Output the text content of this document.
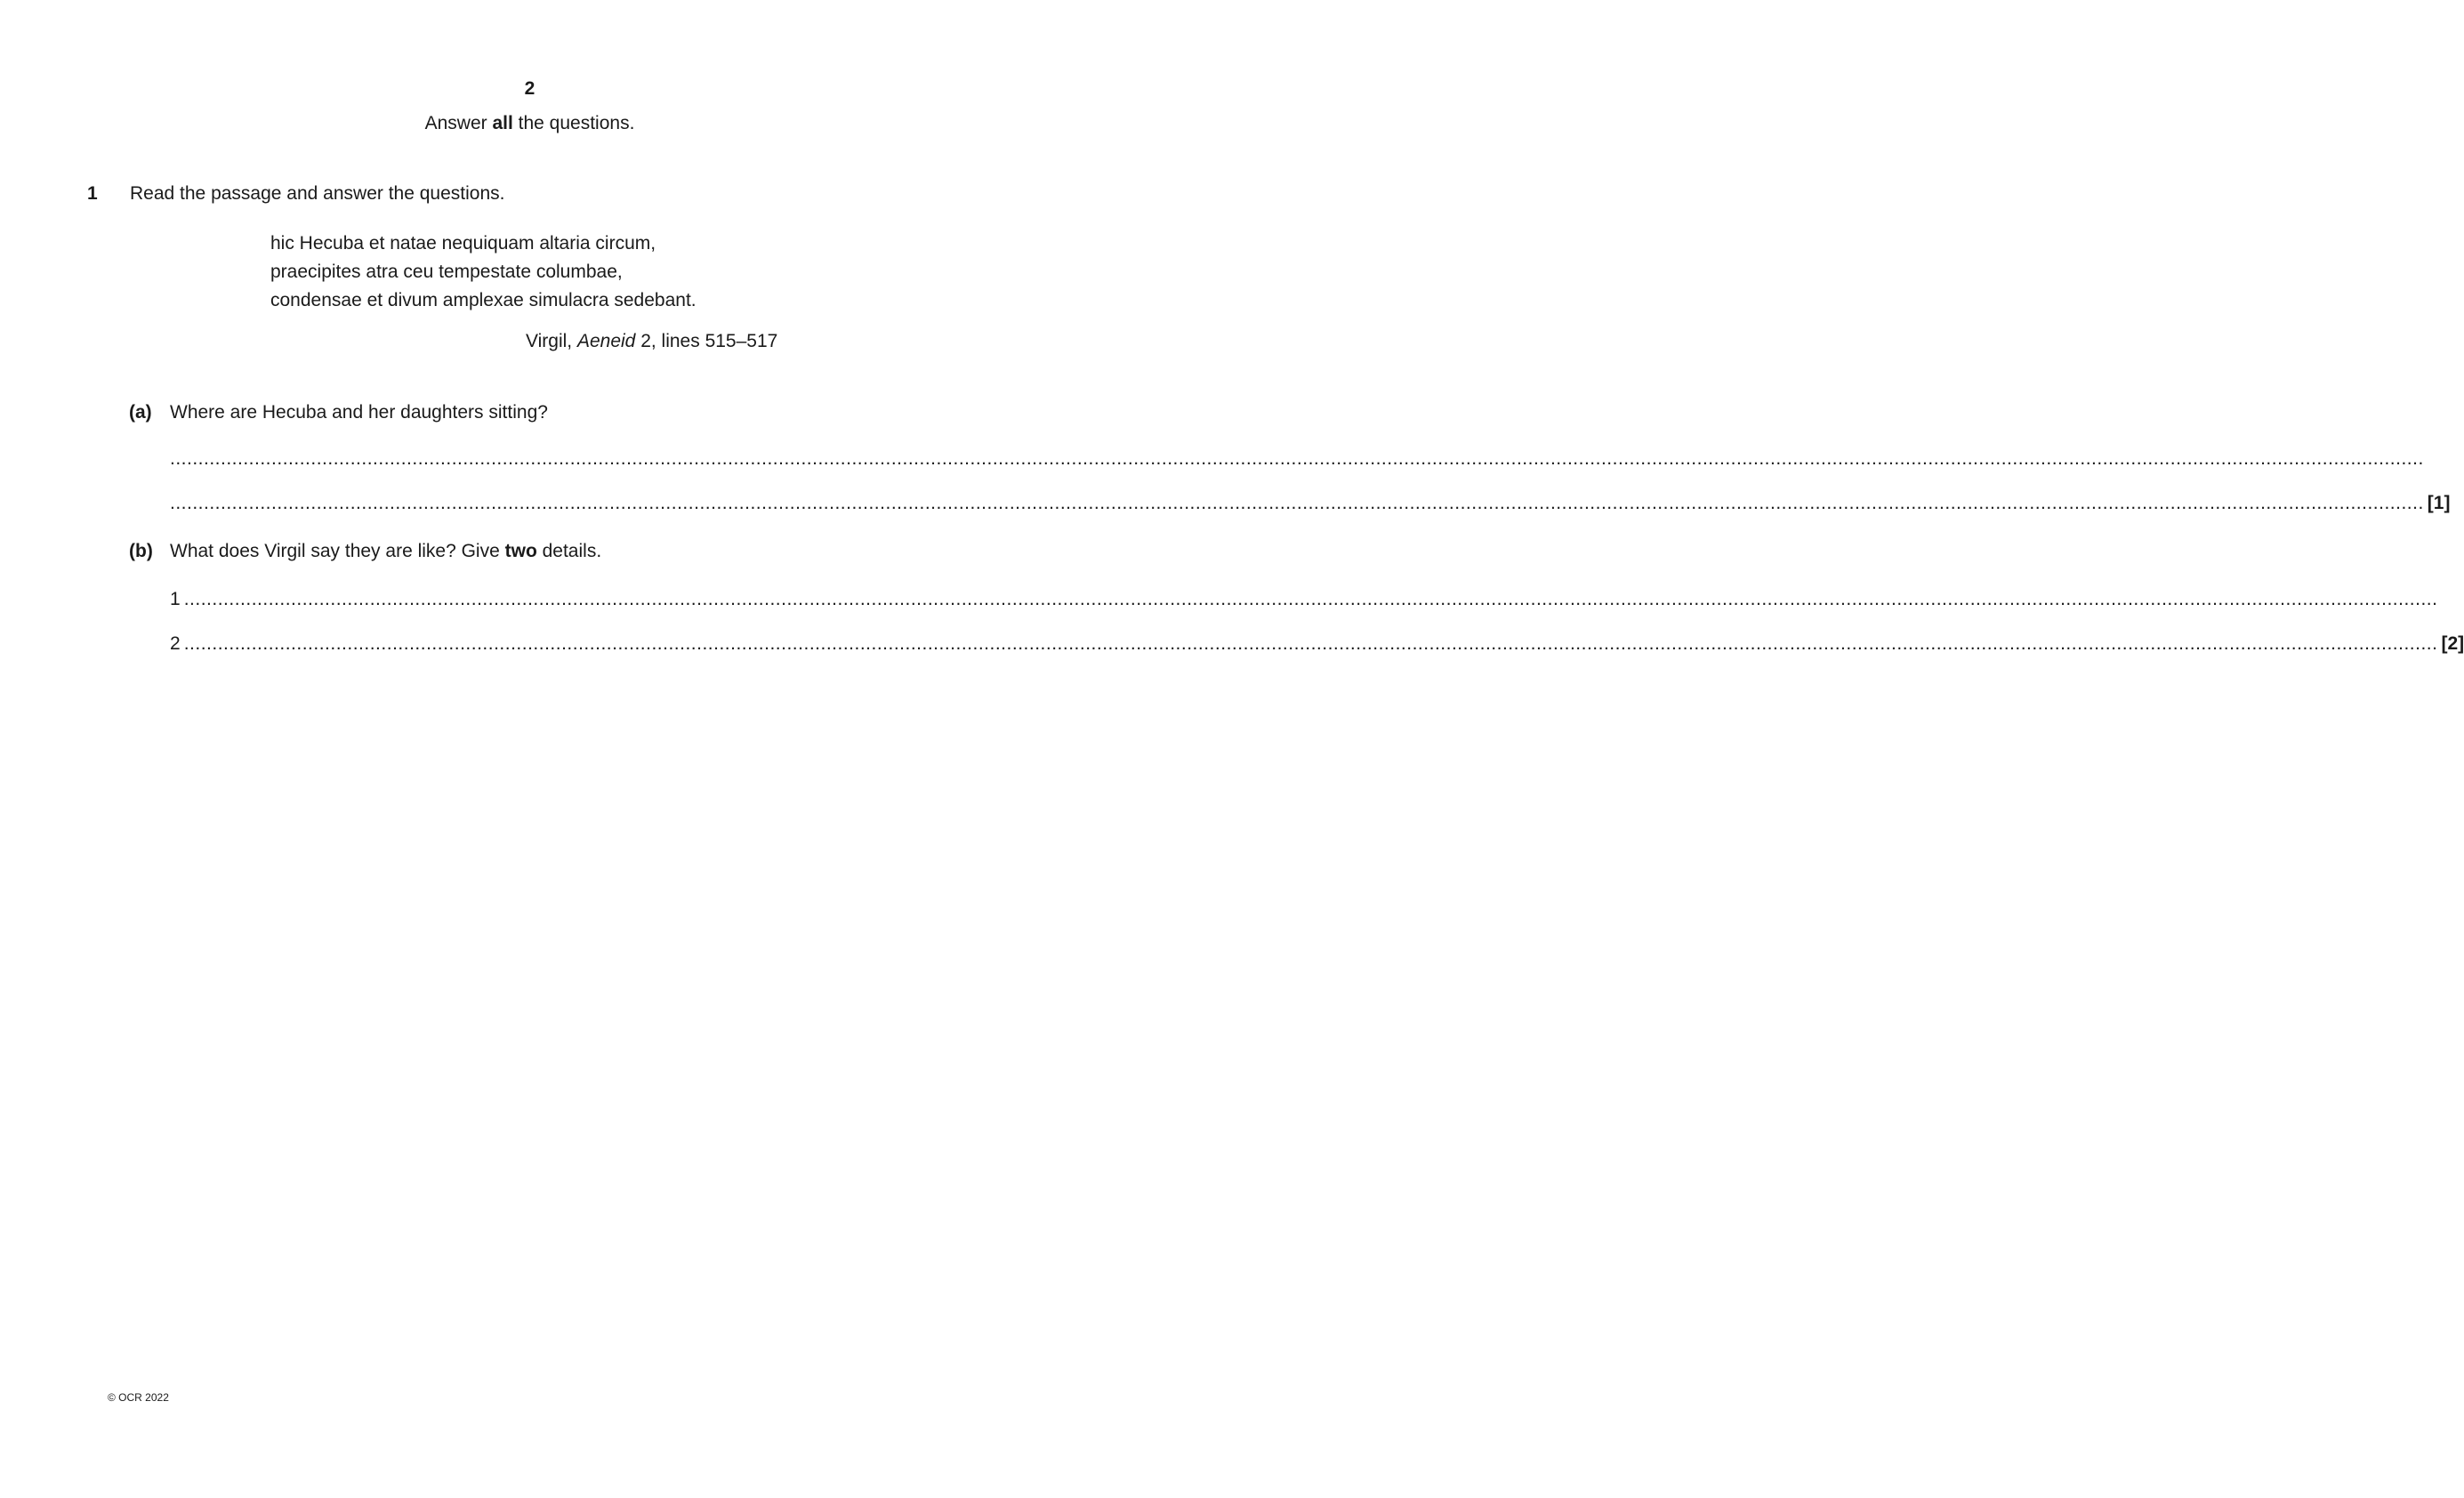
2
Answer all the questions.
1 Read the passage and answer the questions.
hic Hecuba et natae nequiquam altaria circum,
praecipites atra ceu tempestate columbae,
condensae et divum amplexae simulacra sedebant.
Virgil, Aeneid 2, lines 515–517
(a) Where are Hecuba and her daughters sitting?
................................................................................................................................................................................................................................................................................................................................................................................................................
................................................................................................................................................................................................................................................................................................................................................................................................................ [1]
(b) What does Virgil say they are like? Give two details.
1 ................................................................................................................................................................................................................................................................................................................................................................................................................
2 ................................................................................................................................................................................................................................................................................................................................................................................................................ [2]
© OCR 2022
